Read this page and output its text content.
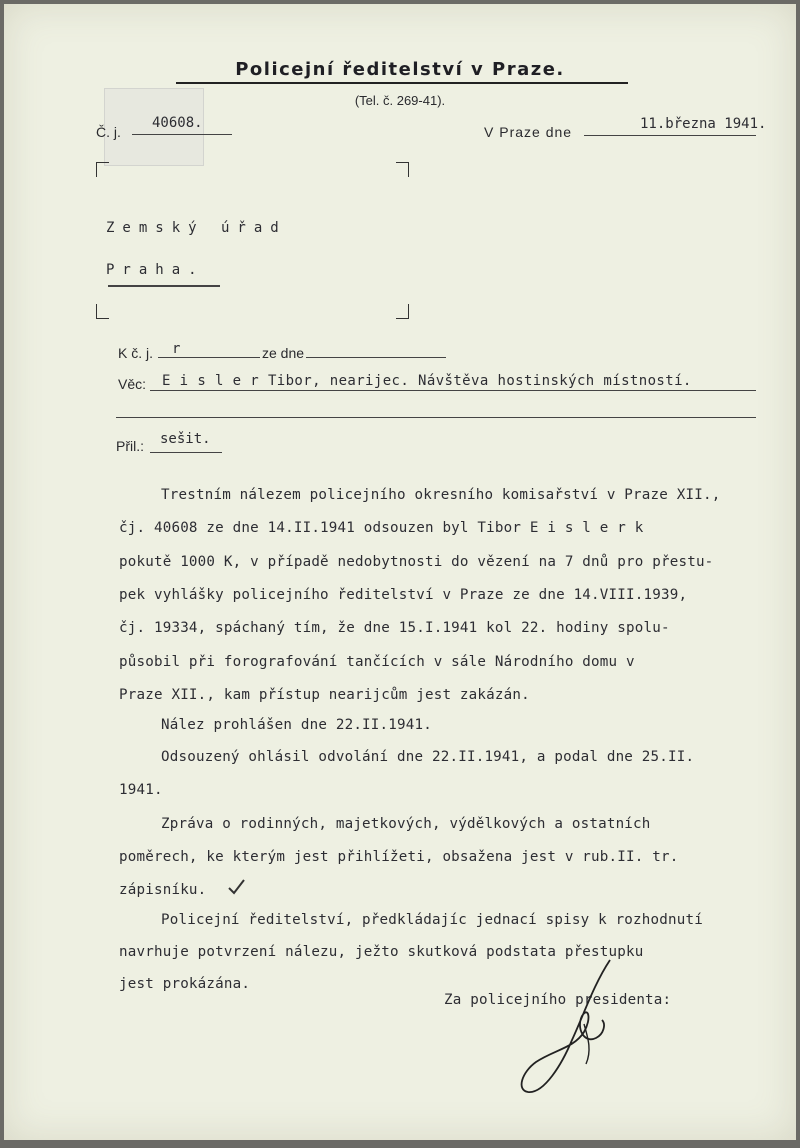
Policejní ředitelství v Praze.
(Tel. č. 269-41).
Č. j.
40608.
V Praze dne	11.března 1941.
Zemský úřad
Praha.
K č. j. r	ze dne
Věc: E i s l e r Tibor, nearijec. Návštěva hostinských místností.
Přil.: sešit.
Trestním nálezem policejního okresního komisařství v Praze XII.,
čj. 40608 ze dne 14.II.1941 odsouzen byl Tibor E i s l e r k
pokutě 1000 K, v případě nedobytnosti do vězení na 7 dnů pro přestu-
pek vyhlášky policejního ředitelství v Praze ze dne 14.VIII.1939,
čj. 19334, spáchaný tím, že dne 15.I.1941 kol 22. hodiny spolu-
působil při forografování tančících v sále Národního domu v
Praze XII., kam přístup nearijcům jest zakázán.
Nález prohlášen dne 22.II.1941.
Odsouzený ohlásil odvolání dne 22.II.1941, a podal dne 25.II.
1941.
Zpráva o rodinných, majetkových, výdělkových a ostatních
poměrech, ke kterým jest přihlížeti, obsažena jest v rub.II. tr.
zápisníku.
Policejní ředitelství, předkládajíc jednací spisy k rozhodnutí
navrhuje potvrzení nálezu, ježto skutková podstata přestupku
jest prokázána.
Za policejního presidenta:
